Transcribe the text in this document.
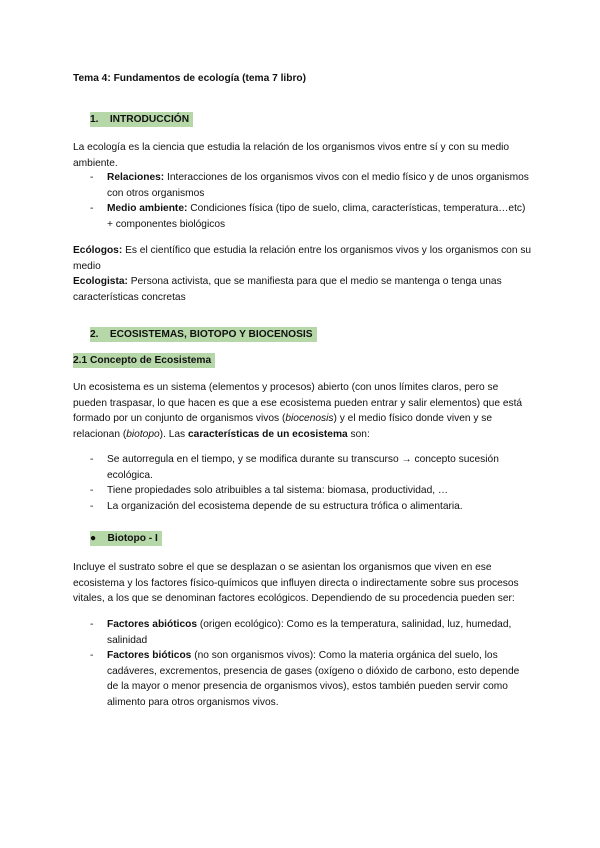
Tema 4: Fundamentos de ecología (tema 7 libro)

1. INTRODUCCIÓN

La ecología es la ciencia que estudia la relación de los organismos vivos entre sí y con su medio ambiente.

- Relaciones: Interacciones de los organismos vivos con el medio físico y de unos organismos con otros organismos
- Medio ambiente: Condiciones física (tipo de suelo, clima, características, temperatura…etc) + componentes biológicos

Ecólogos: Es el científico que estudia la relación entre los organismos vivos y los organismos con su medio
Ecologista: Persona activista, que se manifiesta para que el medio se mantenga o tenga unas características concretas

2. ECOSISTEMAS, BIOTOPO Y BIOCENOSIS

2.1 Concepto de Ecosistema

Un ecosistema es un sistema (elementos y procesos) abierto (con unos límites claros, pero se pueden traspasar, lo que hacen es que a ese ecosistema pueden entrar y salir elementos) que está formado por un conjunto de organismos vivos (biocenosis) y el medio físico donde viven y se relacionan (biotopo). Las características de un ecosistema son:

- Se autorregula en el tiempo, y se modifica durante su transcurso → concepto sucesión ecológica.
- Tiene propiedades solo atribuibles a tal sistema: biomasa, productividad, …
- La organización del ecosistema depende de su estructura trófica o alimentaria.

● Biotopo - I

Incluye el sustrato sobre el que se desplazan o se asientan los organismos que viven en ese ecosistema y los factores físico-químicos que influyen directa o indirectamente sobre sus procesos vitales, a los que se denominan factores ecológicos. Dependiendo de su procedencia pueden ser:

- Factores abióticos (origen ecológico): Como es la temperatura, salinidad, luz, humedad, salinidad
- Factores bióticos (no son organismos vivos): Como la materia orgánica del suelo, los cadáveres, excrementos, presencia de gases (oxígeno o dióxido de carbono, esto depende de la mayor o menor presencia de organismos vivos), estos también pueden servir como alimento para otros organismos vivos.
